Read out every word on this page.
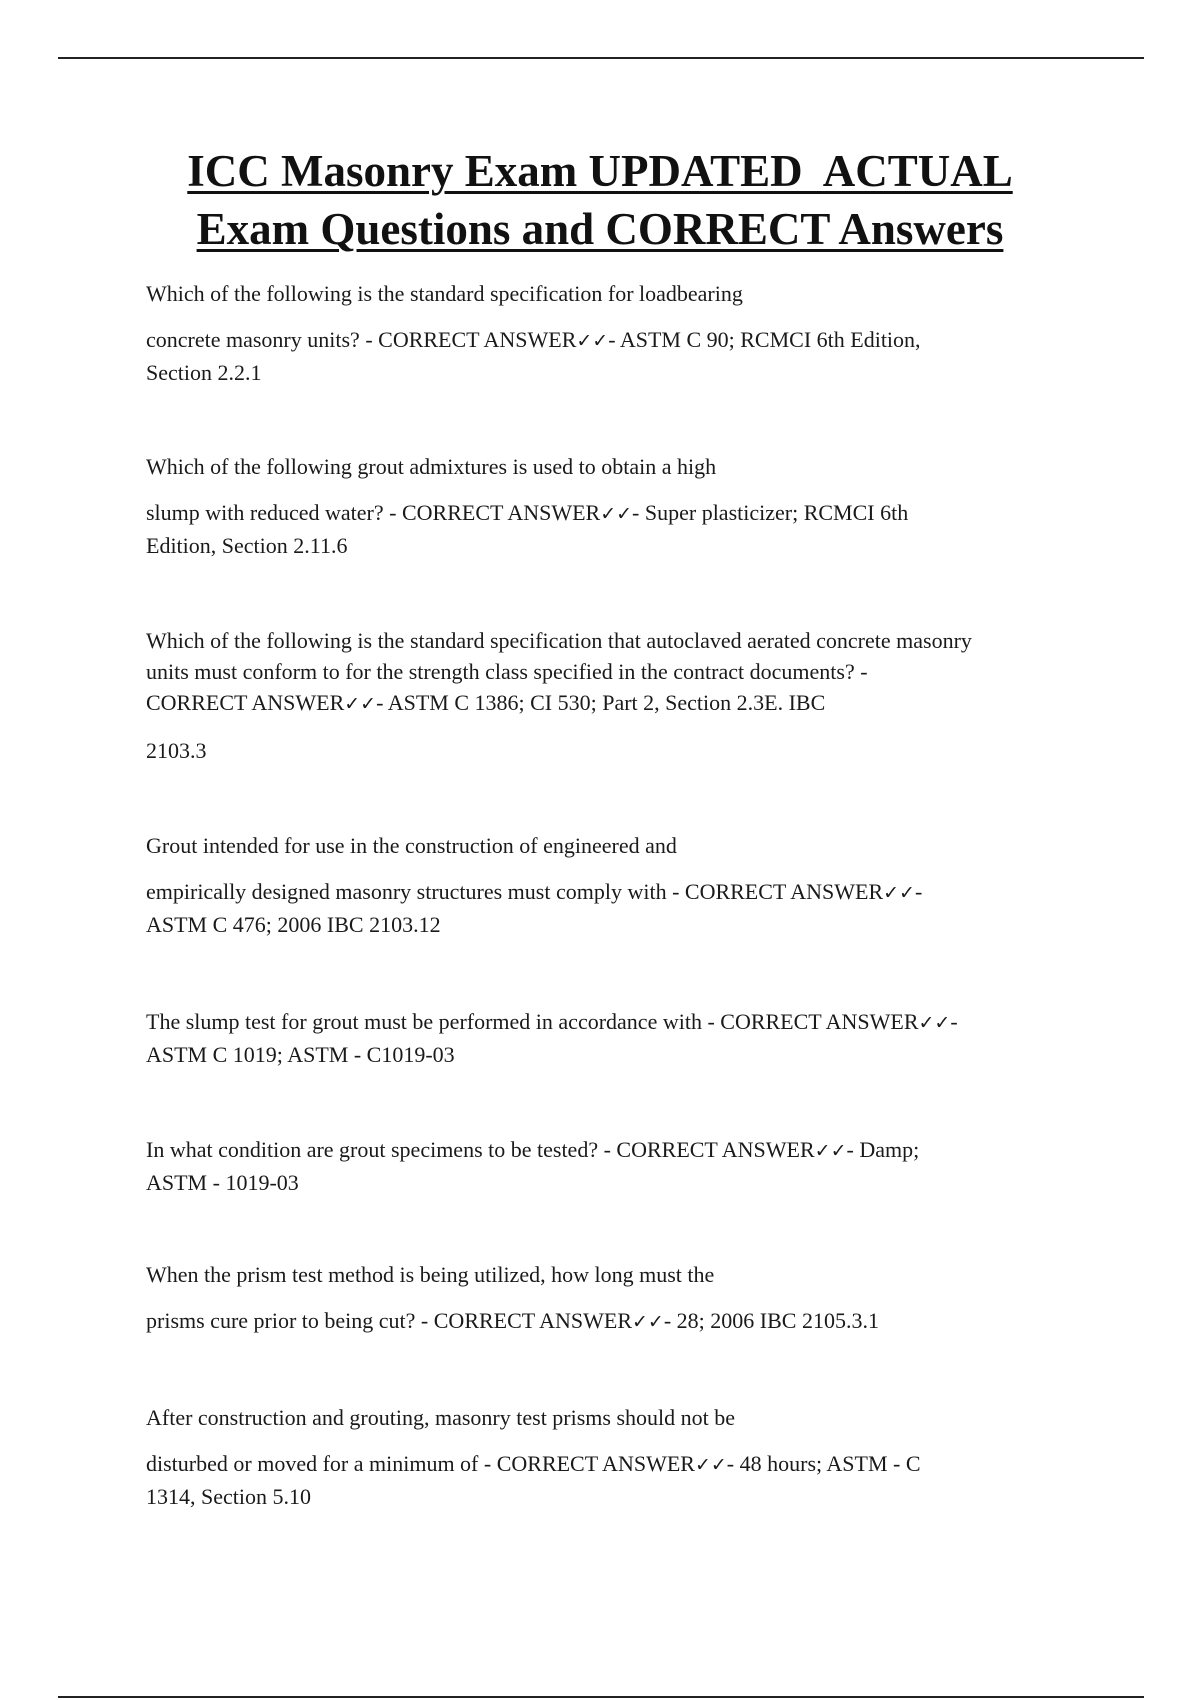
ICC Masonry Exam UPDATED  ACTUAL
Exam Questions and CORRECT Answers

Which of the following is the standard specification for loadbearing

concrete masonry units? - CORRECT ANSWER✓✓- ASTM C 90; RCMCI 6th Edition,

Section 2.2.1

Which of the following grout admixtures is used to obtain a high

slump with reduced water? - CORRECT ANSWER✓✓- Super plasticizer; RCMCI 6th

Edition, Section 2.11.6

Which of the following is the standard specification that autoclaved aerated concrete masonry

units must conform to for the strength class specified in the contract documents? -

CORRECT ANSWER✓✓- ASTM C 1386; CI 530; Part 2, Section 2.3E. IBC

2103.3

Grout intended for use in the construction of engineered and

empirically designed masonry structures must comply with - CORRECT ANSWER✓✓-

ASTM C 476; 2006 IBC 2103.12

The slump test for grout must be performed in accordance with - CORRECT ANSWER✓✓-

ASTM C 1019; ASTM - C1019-03

In what condition are grout specimens to be tested? - CORRECT ANSWER✓✓- Damp;

ASTM - 1019-03

When the prism test method is being utilized, how long must the

prisms cure prior to being cut? - CORRECT ANSWER✓✓- 28; 2006 IBC 2105.3.1

After construction and grouting, masonry test prisms should not be

disturbed or moved for a minimum of - CORRECT ANSWER✓✓- 48 hours; ASTM - C

1314, Section 5.10
